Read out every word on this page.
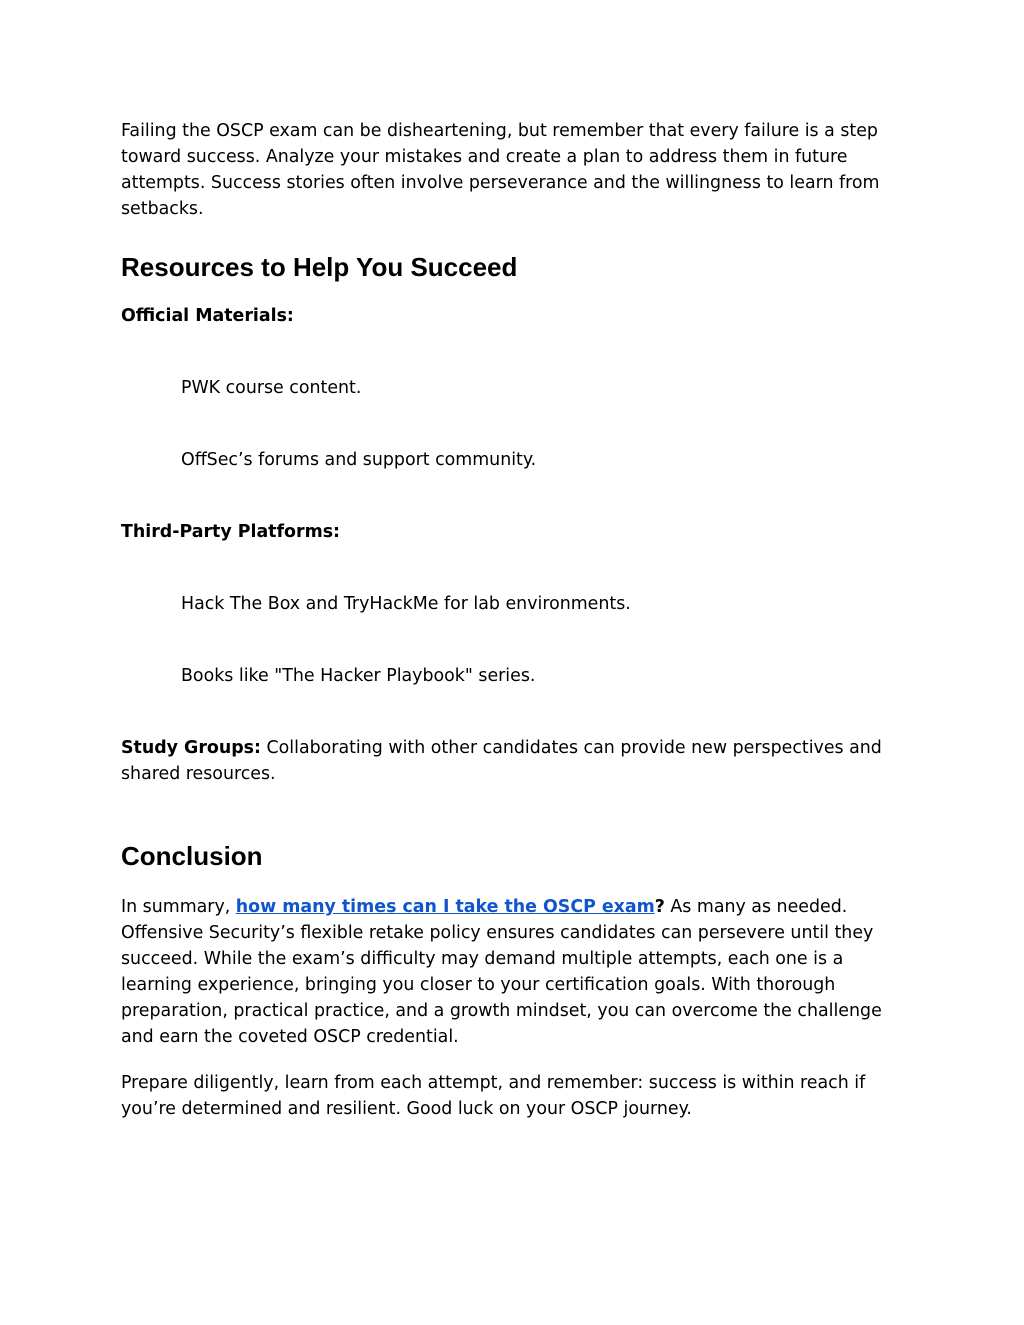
Failing the OSCP exam can be disheartening, but remember that every failure is a step toward success. Analyze your mistakes and create a plan to address them in future attempts. Success stories often involve perseverance and the willingness to learn from setbacks.

Resources to Help You Succeed

Official Materials:

PWK course content.

OffSec’s forums and support community.

Third-Party Platforms:

Hack The Box and TryHackMe for lab environments.

Books like "The Hacker Playbook" series.

Study Groups: Collaborating with other candidates can provide new perspectives and shared resources.

Conclusion

In summary, how many times can I take the OSCP exam? As many as needed. Offensive Security’s flexible retake policy ensures candidates can persevere until they succeed. While the exam’s difficulty may demand multiple attempts, each one is a learning experience, bringing you closer to your certification goals. With thorough preparation, practical practice, and a growth mindset, you can overcome the challenge and earn the coveted OSCP credential.

Prepare diligently, learn from each attempt, and remember: success is within reach if you’re determined and resilient. Good luck on your OSCP journey.
